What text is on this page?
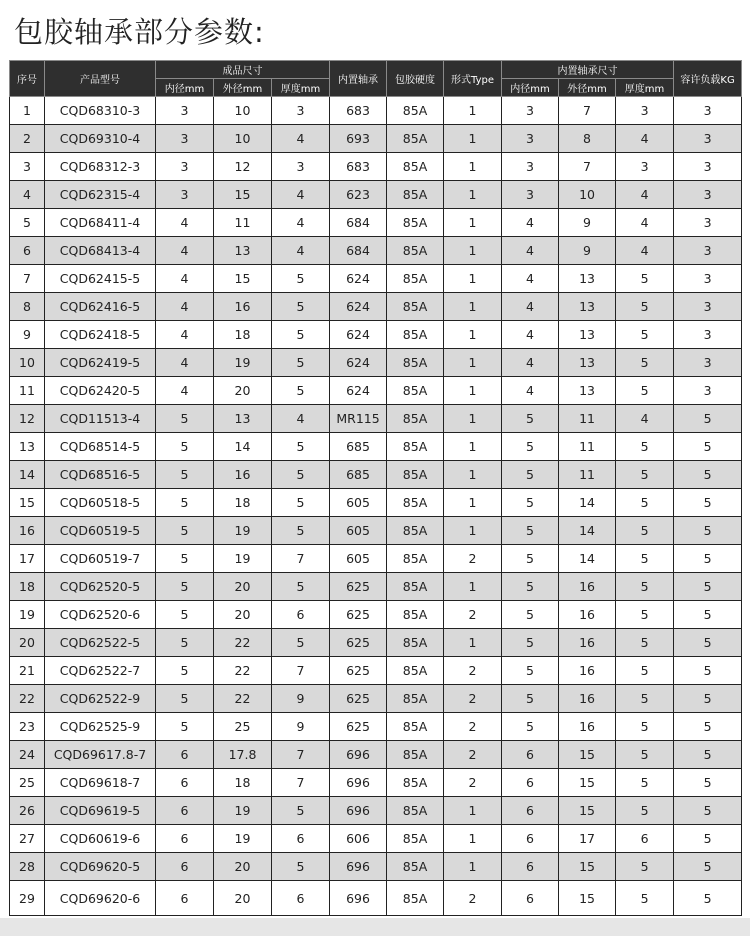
包胶轴承部分参数:
序号	产品型号	成品尺寸			内置轴承	包胶硬度	形式Type	内置轴承尺寸			容许负载KG
		内径mm	外径mm	厚度mm				内径mm	外径mm	厚度mm	
1	CQD68310-3	3	10	3	683	85A	1	3	7	3	3
2	CQD69310-4	3	10	4	693	85A	1	3	8	4	3
3	CQD68312-3	3	12	3	683	85A	1	3	7	3	3
4	CQD62315-4	3	15	4	623	85A	1	3	10	4	3
5	CQD68411-4	4	11	4	684	85A	1	4	9	4	3
6	CQD68413-4	4	13	4	684	85A	1	4	9	4	3
7	CQD62415-5	4	15	5	624	85A	1	4	13	5	3
8	CQD62416-5	4	16	5	624	85A	1	4	13	5	3
9	CQD62418-5	4	18	5	624	85A	1	4	13	5	3
10	CQD62419-5	4	19	5	624	85A	1	4	13	5	3
11	CQD62420-5	4	20	5	624	85A	1	4	13	5	3
12	CQD11513-4	5	13	4	MR115	85A	1	5	11	4	5
13	CQD68514-5	5	14	5	685	85A	1	5	11	5	5
14	CQD68516-5	5	16	5	685	85A	1	5	11	5	5
15	CQD60518-5	5	18	5	605	85A	1	5	14	5	5
16	CQD60519-5	5	19	5	605	85A	1	5	14	5	5
17	CQD60519-7	5	19	7	605	85A	2	5	14	5	5
18	CQD62520-5	5	20	5	625	85A	1	5	16	5	5
19	CQD62520-6	5	20	6	625	85A	2	5	16	5	5
20	CQD62522-5	5	22	5	625	85A	1	5	16	5	5
21	CQD62522-7	5	22	7	625	85A	2	5	16	5	5
22	CQD62522-9	5	22	9	625	85A	2	5	16	5	5
23	CQD62525-9	5	25	9	625	85A	2	5	16	5	5
24	CQD69617.8-7	6	17.8	7	696	85A	2	6	15	5	5
25	CQD69618-7	6	18	7	696	85A	2	6	15	5	5
26	CQD69619-5	6	19	5	696	85A	1	6	15	5	5
27	CQD60619-6	6	19	6	606	85A	1	6	17	6	5
28	CQD69620-5	6	20	5	696	85A	1	6	15	5	5
29	CQD69620-6	6	20	6	696	85A	2	6	15	5	5
